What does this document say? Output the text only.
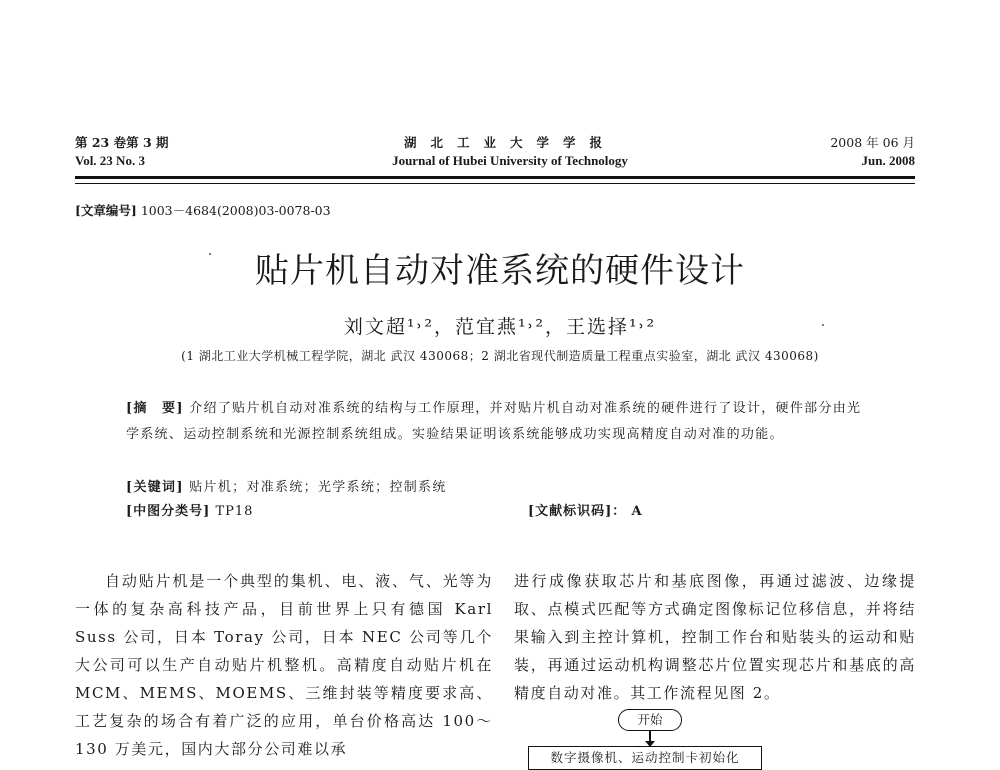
第 23 卷第 3 期
Vol. 23 No. 3
湖北工业大学学报
Journal of Hubei University of Technology
2008 年 06 月
Jun. 2008
[文章编号] 1003－4684(2008)03-0078-03
贴片机自动对准系统的硬件设计
刘文超¹˒²，范宜燕¹˒²，王选择¹˒²
(1 湖北工业大学机械工程学院，湖北 武汉 430068；2 湖北省现代制造质量工程重点实验室，湖北 武汉 430068)
[摘　要] 介绍了贴片机自动对准系统的结构与工作原理，并对贴片机自动对准系统的硬件进行了设计，硬件部分由光学系统、运动控制系统和光源控制系统组成。实验结果证明该系统能够成功实现高精度自动对准的功能。
[关键词] 贴片机；对准系统；光学系统；控制系统
[中图分类号] TP18	[文献标识码]： A

自动贴片机是一个典型的集机、电、液、气、光等为一体的复杂高科技产品，目前世界上只有德国 Karl Suss 公司，日本 Toray 公司，日本 NEC 公司等几个大公司可以生产自动贴片机整机。高精度自动贴片机在 MCM、MEMS、MOEMS、三维封装等精度要求高、工艺复杂的场合有着广泛的应用，单台价格高达 100～130 万美元，国内大部分公司难以承

进行成像获取芯片和基底图像，再通过滤波、边缘提取、点模式匹配等方式确定图像标记位移信息，并将结果输入到主控计算机，控制工作台和贴装头的运动和贴装，再通过运动机构调整芯片位置实现芯片和基底的高精度自动对准。其工作流程见图 2。

开始
数字摄像机、运动控制卡初始化
